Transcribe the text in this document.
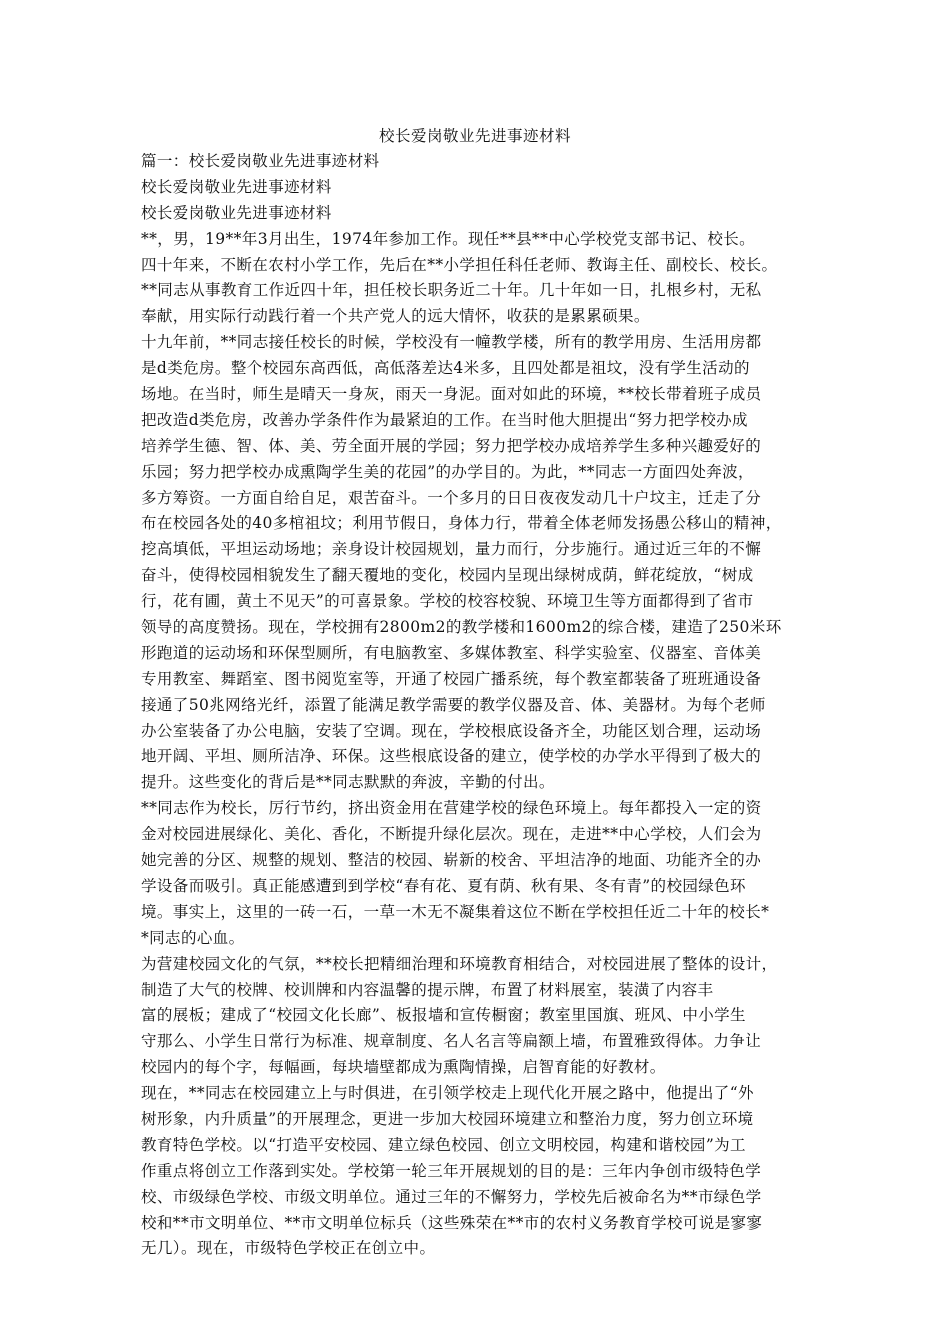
校长爱岗敬业先进事迹材料
篇一：校长爱岗敬业先进事迹材料
校长爱岗敬业先进事迹材料
校长爱岗敬业先进事迹材料
**，男，19**年3月出生，1974年参加工作。现任**县**中心学校党支部书记、校长。
四十年来，不断在农村小学工作，先后在**小学担任科任老师、教诲主任、副校长、校长。
**同志从事教育工作近四十年，担任校长职务近二十年。几十年如一日，扎根乡村，无私
奉献，用实际行动践行着一个共产党人的远大情怀，收获的是累累硕果。
十九年前，**同志接任校长的时候，学校没有一幢教学楼，所有的教学用房、生活用房都
是d类危房。整个校园东高西低，高低落差达4米多，且四处都是祖坟，没有学生活动的
场地。在当时，师生是晴天一身灰，雨天一身泥。面对如此的环境，**校长带着班子成员
把改造d类危房，改善办学条件作为最紧迫的工作。在当时他大胆提出“努力把学校办成
培养学生德、智、体、美、劳全面开展的学园；努力把学校办成培养学生多种兴趣爱好的
乐园；努力把学校办成熏陶学生美的花园”的办学目的。为此，**同志一方面四处奔波，
多方筹资。一方面自给自足，艰苦奋斗。一个多月的日日夜夜发动几十户坟主，迁走了分
布在校园各处的40多棺祖坟；利用节假日，身体力行，带着全体老师发扬愚公移山的精神，
挖高填低，平坦运动场地；亲身设计校园规划，量力而行，分步施行。通过近三年的不懈
奋斗，使得校园相貌发生了翻天覆地的变化，校园内呈现出绿树成荫，鲜花绽放，“树成
行，花有圃，黄土不见天”的可喜景象。学校的校容校貌、环境卫生等方面都得到了省市
领导的高度赞扬。现在，学校拥有2800m2的教学楼和1600m2的综合楼，建造了250米环
形跑道的运动场和环保型厕所，有电脑教室、多媒体教室、科学实验室、仪器室、音体美
专用教室、舞蹈室、图书阅览室等，开通了校园广播系统，每个教室都装备了班班通设备
接通了50兆网络光纤，添置了能满足教学需要的教学仪器及音、体、美器材。为每个老师
办公室装备了办公电脑，安装了空调。现在，学校根底设备齐全，功能区划合理，运动场
地开阔、平坦、厕所洁净、环保。这些根底设备的建立，使学校的办学水平得到了极大的
提升。这些变化的背后是**同志默默的奔波，辛勤的付出。
**同志作为校长，厉行节约，挤出资金用在营建学校的绿色环境上。每年都投入一定的资
金对校园进展绿化、美化、香化，不断提升绿化层次。现在，走进**中心学校，人们会为
她完善的分区、规整的规划、整洁的校园、崭新的校舍、平坦洁净的地面、功能齐全的办
学设备而吸引。真正能感遭到到学校“春有花、夏有荫、秋有果、冬有青”的校园绿色环
境。事实上，这里的一砖一石，一草一木无不凝集着这位不断在学校担任近二十年的校长*
*同志的心血。
为营建校园文化的气氛，**校长把精细治理和环境教育相结合，对校园进展了整体的设计，
制造了大气的校牌、校训牌和内容温馨的提示牌，布置了材料展室，装潢了内容丰
富的展板；建成了“校园文化长廊”、板报墙和宣传橱窗；教室里国旗、班风、中小学生
守那么、小学生日常行为标准、规章制度、名人名言等扁额上墙，布置雅致得体。力争让
校园内的每个字，每幅画，每块墙壁都成为熏陶情操，启智育能的好教材。
现在，**同志在校园建立上与时俱进，在引领学校走上现代化开展之路中，他提出了“外
树形象，内升质量”的开展理念，更进一步加大校园环境建立和整治力度，努力创立环境
教育特色学校。以“打造平安校园、建立绿色校园、创立文明校园，构建和谐校园”为工
作重点将创立工作落到实处。学校第一轮三年开展规划的目的是：三年内争创市级特色学
校、市级绿色学校、市级文明单位。通过三年的不懈努力，学校先后被命名为**市绿色学
校和**市文明单位、**市文明单位标兵（这些殊荣在**市的农村义务教育学校可说是寥寥
无几）。现在，市级特色学校正在创立中。
